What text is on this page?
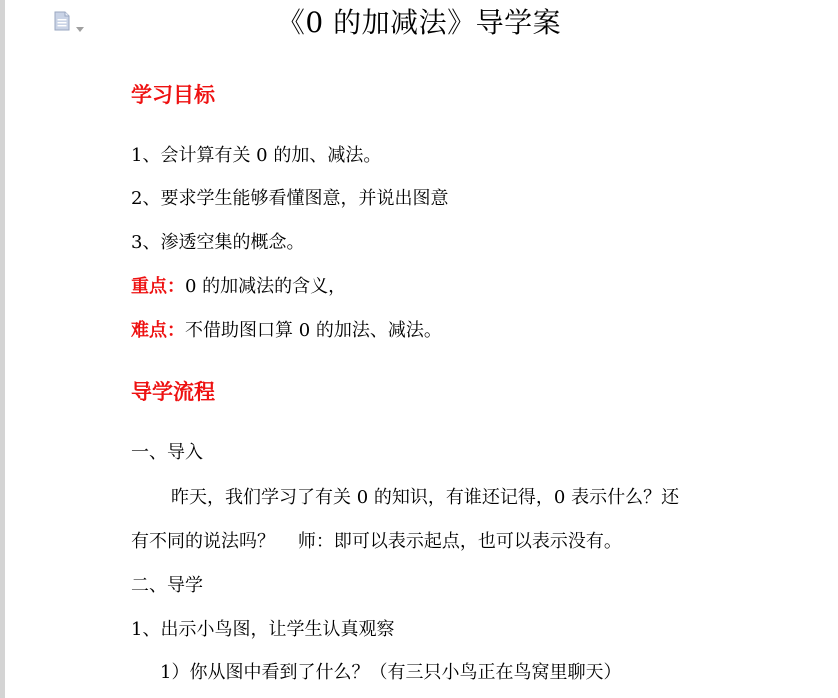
《0 的加减法》导学案
学习目标
1、会计算有关 0 的加、减法。
2、要求学生能够看懂图意，并说出图意
3、渗透空集的概念。
重点：0 的加减法的含义，
难点：不借助图口算 0 的加法、减法。
导学流程
一、导入
昨天，我们学习了有关 0 的知识，有谁还记得，0 表示什么？还
有不同的说法吗？    师：即可以表示起点，也可以表示没有。
二、导学
1、出示小鸟图，让学生认真观察
1）你从图中看到了什么？（有三只小鸟正在鸟窝里聊天）
